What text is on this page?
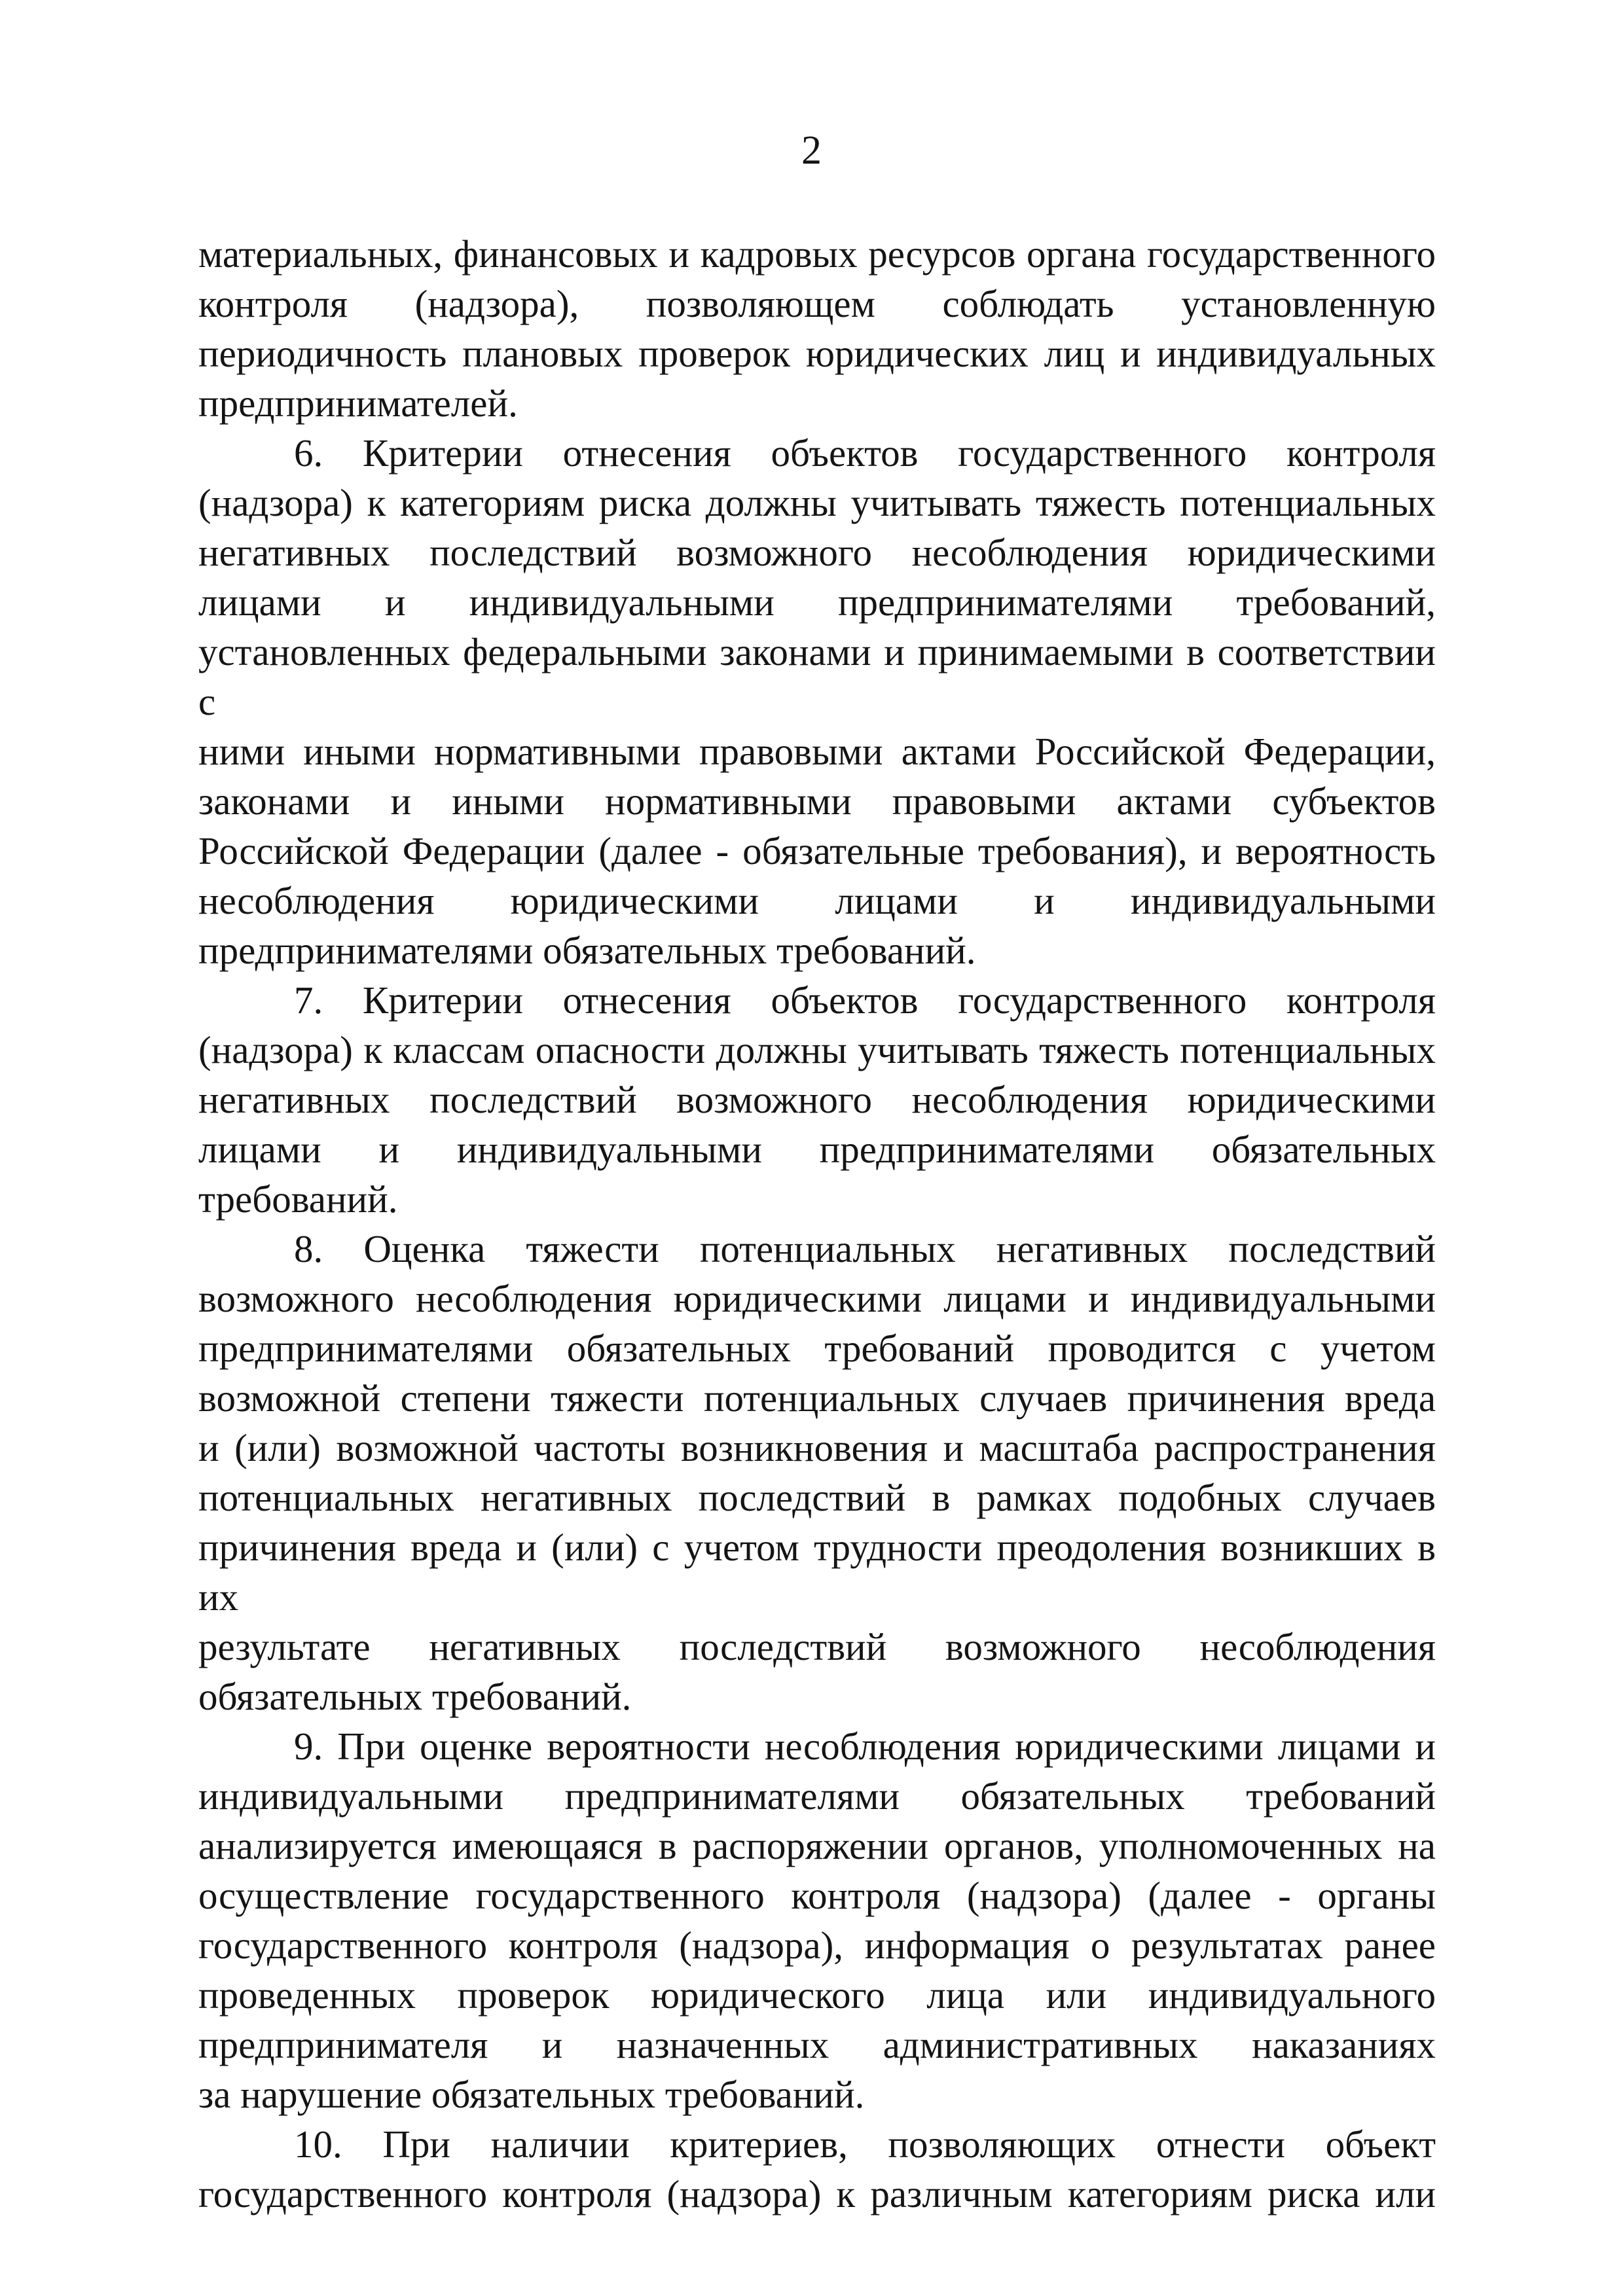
2
материальных, финансовых и кадровых ресурсов органа государственного
контроля (надзора), позволяющем соблюдать установленную
периодичность плановых проверок юридических лиц и индивидуальных
предпринимателей.
6. Критерии отнесения объектов государственного контроля
(надзора) к категориям риска должны учитывать тяжесть потенциальных
негативных последствий возможного несоблюдения юридическими
лицами и индивидуальными предпринимателями требований,
установленных федеральными законами и принимаемыми в соответствии с
ними иными нормативными правовыми актами Российской Федерации,
законами и иными нормативными правовыми актами субъектов
Российской Федерации (далее - обязательные требования), и вероятность
несоблюдения юридическими лицами и индивидуальными
предпринимателями обязательных требований.
7. Критерии отнесения объектов государственного контроля
(надзора) к классам опасности должны учитывать тяжесть потенциальных
негативных последствий возможного несоблюдения юридическими
лицами и индивидуальными предпринимателями обязательных
требований.
8. Оценка тяжести потенциальных негативных последствий
возможного несоблюдения юридическими лицами и индивидуальными
предпринимателями обязательных требований проводится с учетом
возможной степени тяжести потенциальных случаев причинения вреда
и (или) возможной частоты возникновения и масштаба распространения
потенциальных негативных последствий в рамках подобных случаев
причинения вреда и (или) с учетом трудности преодоления возникших в их
результате негативных последствий возможного несоблюдения
обязательных требований.
9. При оценке вероятности несоблюдения юридическими лицами и
индивидуальными предпринимателями обязательных требований
анализируется имеющаяся в распоряжении органов, уполномоченных на
осуществление государственного контроля (надзора) (далее - органы
государственного контроля (надзора), информация о результатах ранее
проведенных проверок юридического лица или индивидуального
предпринимателя и назначенных административных наказаниях
за нарушение обязательных требований.
10. При наличии критериев, позволяющих отнести объект
государственного контроля (надзора) к различным категориям риска или
